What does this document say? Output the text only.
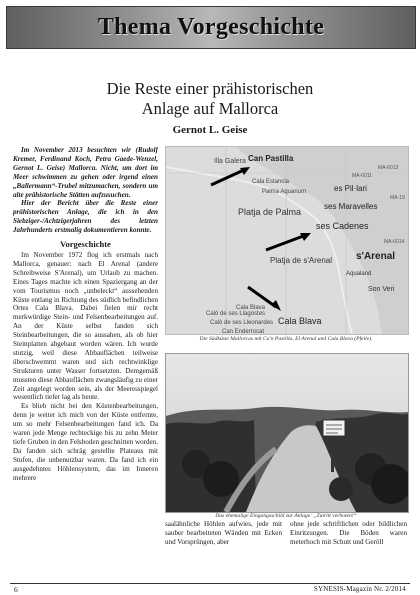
Thema Vorgeschichte
Die Reste einer prähistorischen
Anlage auf Mallorca
Gernot L. Geise

Im November 2013 besuchten wir (Rudolf Kremer, Ferdinand Koch, Petra Gaede-Wenzel, Gernot L. Geise) Mallorca. Nicht, um dort im Meer schwimmen zu gehen oder irgend einen „Ballermann“-Trubel mitzumachen, sondern um alte prähistorische Stätten aufzusuchen.

Hier der Bericht über die Reste einer prähistorischen Anlage, die ich in den Siebziger-/Achtzigerjahren des letzten Jahrhunderts erstmalig dokumentieren konnte.

Vorgeschichte

Im November 1972 flog ich erstmals nach Mallorca, genauer: nach El Arenal (andere Schreibweise S'Arenal), um Urlaub zu machen. Eines Tages machte ich einen Spaziergang an der vom Tourismus noch „unbeleckt“ aussehenden Küste entlang in Richtung des südlich befindlichen Ortes Cala Blava. Dabei fielen mir recht merkwürdige Stein- und Felsenbearbeitungen auf. An der Küste selbst fanden sich Steinbearbeitungen, die so aussahen, als ob hier Steinplatten abgebaut worden wären. Ich wurde stutzig, weil diese Abbauflächen teilweise überschwemmt waren und sich rechtwinklige Strukturen unter Wasser fortsetzten. Demgemäß mussten diese Abbauflächen zwangsläufig zu einer Zeit angelegt worden sein, als der Meeresspiegel wesentlich tiefer lag als heute.

Es blieb nicht bei den Küstenbearbeitungen, denn je weiter ich mich von der Küste entfernte, um so mehr Felsenbearbeitungen fand ich. Da waren jede Menge rechteckige bis zu zehn Meter tiefe Gruben in den Felsboden geschnitten worden. Da fanden sich schräg gestellte Plateaus mit Stufen, die unbenutzbar waren. Da fand ich ein ausgedehntes Höhlensystem, das im Inneren mehrere

Illa Galera Can Pastilla
Cala Estancia
Palma Aquarium	es Pil·lari
ses Maravelles
Platja de Palma
ses Cadenes
Platja de s'Arenal s'Arenal
Aqualand
Son Veri
Cala Blava
Cala Blava
Calò de ses Llagostes
Calò de ses Lleonardes
Can Enderrocat
MA-6011
MA-6013
MA-6014
MA-19
Die Südküste Mallorcas mit Ca'n Pastilla, El Arenal und Cala Blava (Pfeile).
Das ehemalige Eingangsschild zur Anlage: „Zutritt verboten!“
saalähnliche Höhlen aufwies, jede mit sauber bearbeiteten Wänden mit Ecken und Vorsprüngen, aber
ohne jede schriftlichen oder bildlichen Einritzungen. Die Böden waren meterhoch mit Schutt und Geröll
6	SYNESIS-Magazin Nr. 2/2014
